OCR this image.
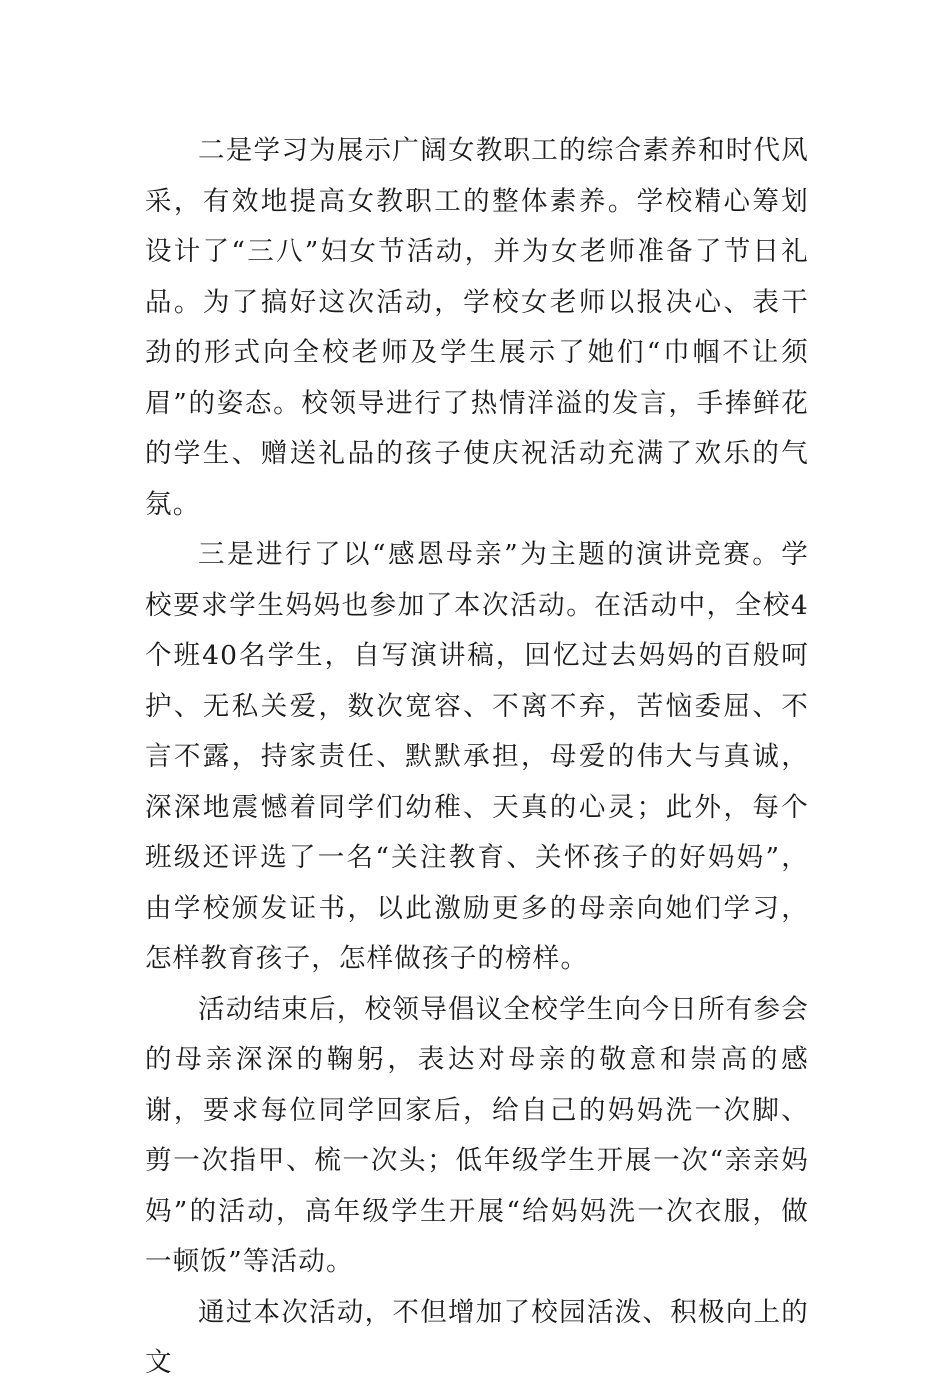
二是学习为展示广阔女教职工的综合素养和时代风采，有效地提高女教职工的整体素养。学校精心筹划设计了“三八”妇女节活动，并为女老师准备了节日礼品。为了搞好这次活动，学校女老师以报决心、表干劲的形式向全校老师及学生展示了她们“巾帼不让须眉”的姿态。校领导进行了热情洋溢的发言，手捧鲜花的学生、赠送礼品的孩子使庆祝活动充满了欢乐的气氛。

三是进行了以“感恩母亲”为主题的演讲竞赛。学校要求学生妈妈也参加了本次活动。在活动中，全校4个班40名学生，自写演讲稿，回忆过去妈妈的百般呵护、无私关爱，数次宽容、不离不弃，苦恼委屈、不言不露，持家责任、默默承担，母爱的伟大与真诚，深深地震憾着同学们幼稚、天真的心灵；此外，每个班级还评选了一名“关注教育、关怀孩子的好妈妈”，由学校颁发证书，以此激励更多的母亲向她们学习，怎样教育孩子，怎样做孩子的榜样。

活动结束后，校领导倡议全校学生向今日所有参会的母亲深深的鞠躬，表达对母亲的敬意和崇高的感谢，要求每位同学回家后，给自己的妈妈洗一次脚、剪一次指甲、梳一次头；低年级学生开展一次“亲亲妈妈”的活动，高年级学生开展“给妈妈洗一次衣服，做一顿饭”等活动。

通过本次活动，不但增加了校园活泼、积极向上的文
